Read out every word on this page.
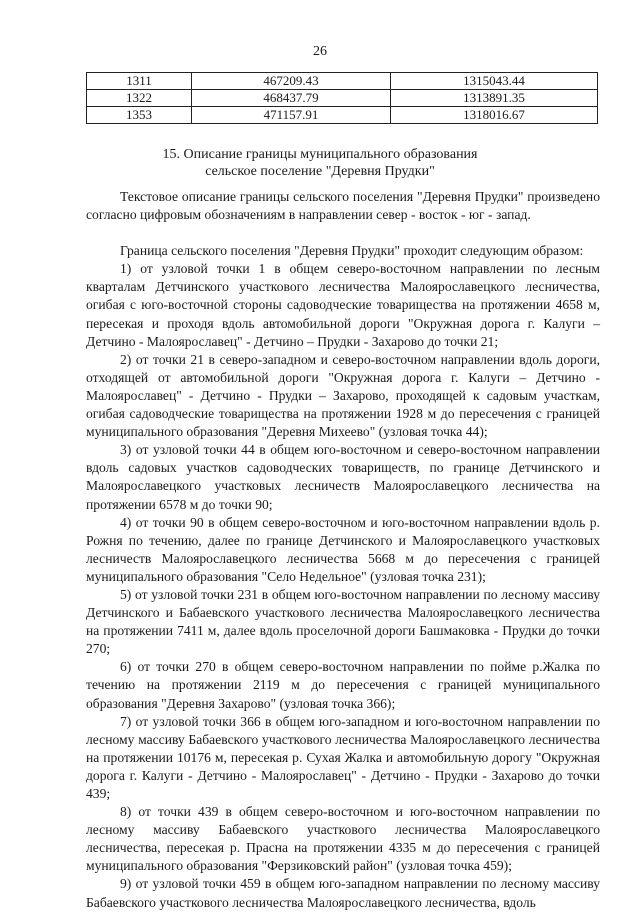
26
1311	467209.43	1315043.44
1322	468437.79	1313891.35
1353	471157.91	1318016.67
15. Описание границы муниципального образования
сельское поселение "Деревня Прудки"

Текстовое описание границы сельского поселения "Деревня Прудки" произведено согласно цифровым обозначениям в направлении север - восток - юг - запад.

Граница сельского поселения "Деревня Прудки" проходит следующим образом:

1) от узловой точки 1 в общем северо-восточном направлении по лесным кварталам Детчинского участкового лесничества Малоярославецкого лесничества, огибая с юго-восточной стороны садоводческие товарищества на протяжении 4658 м, пересекая и проходя вдоль автомобильной дороги "Окружная дорога г. Калуги – Детчино - Малоярославец" - Детчино – Прудки - Захарово до точки 21;

2) от точки 21 в северо-западном и северо-восточном направлении вдоль дороги, отходящей от автомобильной дороги "Окружная дорога г. Калуги – Детчино - Малоярославец" - Детчино - Прудки – Захарово, проходящей к садовым участкам, огибая садоводческие товарищества на протяжении 1928 м до пересечения с границей муниципального образования "Деревня Михеево" (узловая точка 44);

3) от узловой точки 44 в общем юго-восточном и северо-восточном направлении вдоль садовых участков садоводческих товариществ, по границе Детчинского и Малоярославецкого участковых лесничеств Малоярославецкого лесничества на протяжении 6578 м до точки 90;

4) от точки 90 в общем северо-восточном и юго-восточном направлении вдоль р. Рожня по течению, далее по границе Детчинского и Малоярославецкого участковых лесничеств Малоярославецкого лесничества 5668 м до пересечения с границей муниципального образования "Село Недельное" (узловая точка 231);

5) от узловой точки 231 в общем юго-восточном направлении по лесному массиву Детчинского и Бабаевского участкового лесничества Малоярославецкого лесничества на протяжении 7411 м, далее вдоль проселочной дороги Башмаковка - Прудки до точки 270;

6) от точки 270 в общем северо-восточном направлении по пойме р.Жалка по течению на протяжении 2119 м до пересечения с границей муниципального образования "Деревня Захарово" (узловая точка 366);

7) от узловой точки 366 в общем юго-западном и юго-восточном направлении по лесному массиву Бабаевского участкового лесничества Малоярославецкого лесничества на протяжении 10176 м, пересекая р. Сухая Жалка и автомобильную дорогу "Окружная дорога г. Калуги - Детчино - Малоярославец" - Детчино - Прудки - Захарово до точки 439;

8) от точки 439 в общем северо-восточном и юго-восточном направлении по лесному массиву Бабаевского участкового лесничества Малоярославецкого лесничества, пересекая р. Прасна на протяжении 4335 м до пересечения с границей муниципального образования "Ферзиковский район" (узловая точка 459);

9) от узловой точки 459 в общем юго-западном направлении по лесному массиву Бабаевского участкового лесничества Малоярославецкого лесничества, вдоль
